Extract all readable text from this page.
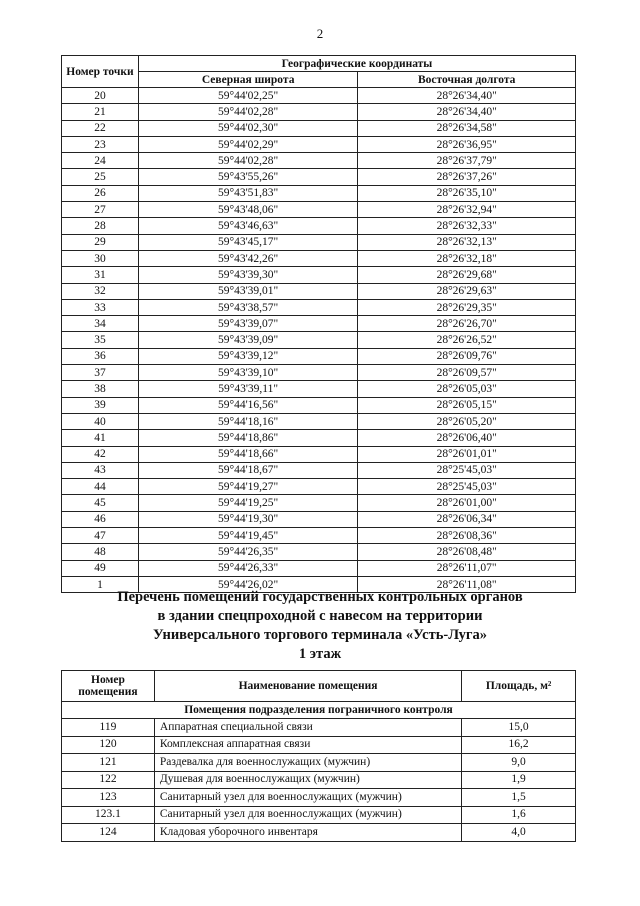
2
Номер точки	Географические координаты	
	Северная широта	Восточная долгота
20	59°44'02,25"	28°26'34,40"
21	59°44'02,28"	28°26'34,40"
22	59°44'02,30"	28°26'34,58"
23	59°44'02,29"	28°26'36,95"
24	59°44'02,28"	28°26'37,79"
25	59°43'55,26"	28°26'37,26"
26	59°43'51,83"	28°26'35,10"
27	59°43'48,06"	28°26'32,94"
28	59°43'46,63"	28°26'32,33"
29	59°43'45,17"	28°26'32,13"
30	59°43'42,26"	28°26'32,18"
31	59°43'39,30"	28°26'29,68"
32	59°43'39,01"	28°26'29,63"
33	59°43'38,57"	28°26'29,35"
34	59°43'39,07"	28°26'26,70"
35	59°43'39,09"	28°26'26,52"
36	59°43'39,12"	28°26'09,76"
37	59°43'39,10"	28°26'09,57"
38	59°43'39,11"	28°26'05,03"
39	59°44'16,56"	28°26'05,15"
40	59°44'18,16"	28°26'05,20"
41	59°44'18,86"	28°26'06,40"
42	59°44'18,66"	28°26'01,01"
43	59°44'18,67"	28°25'45,03"
44	59°44'19,27"	28°25'45,03"
45	59°44'19,25"	28°26'01,00"
46	59°44'19,30"	28°26'06,34"
47	59°44'19,45"	28°26'08,36"
48	59°44'26,35"	28°26'08,48"
49	59°44'26,33"	28°26'11,07"
1	59°44'26,02"	28°26'11,08"
Перечень помещений государственных контрольных органов
в здании спецпроходной с навесом на территории
Универсального торгового терминала «Усть-Луга»
1 этаж
Номер помещения	Наименование помещения	Площадь, м²
Помещения подразделения пограничного контроля		
119	Аппаратная специальной связи	15,0
120	Комплексная аппаратная связи	16,2
121	Раздевалка для военнослужащих (мужчин)	9,0
122	Душевая для военнослужащих (мужчин)	1,9
123	Санитарный узел для военнослужащих (мужчин)	1,5
123.1	Санитарный узел для военнослужащих (мужчин)	1,6
124	Кладовая уборочного инвентаря	4,0
